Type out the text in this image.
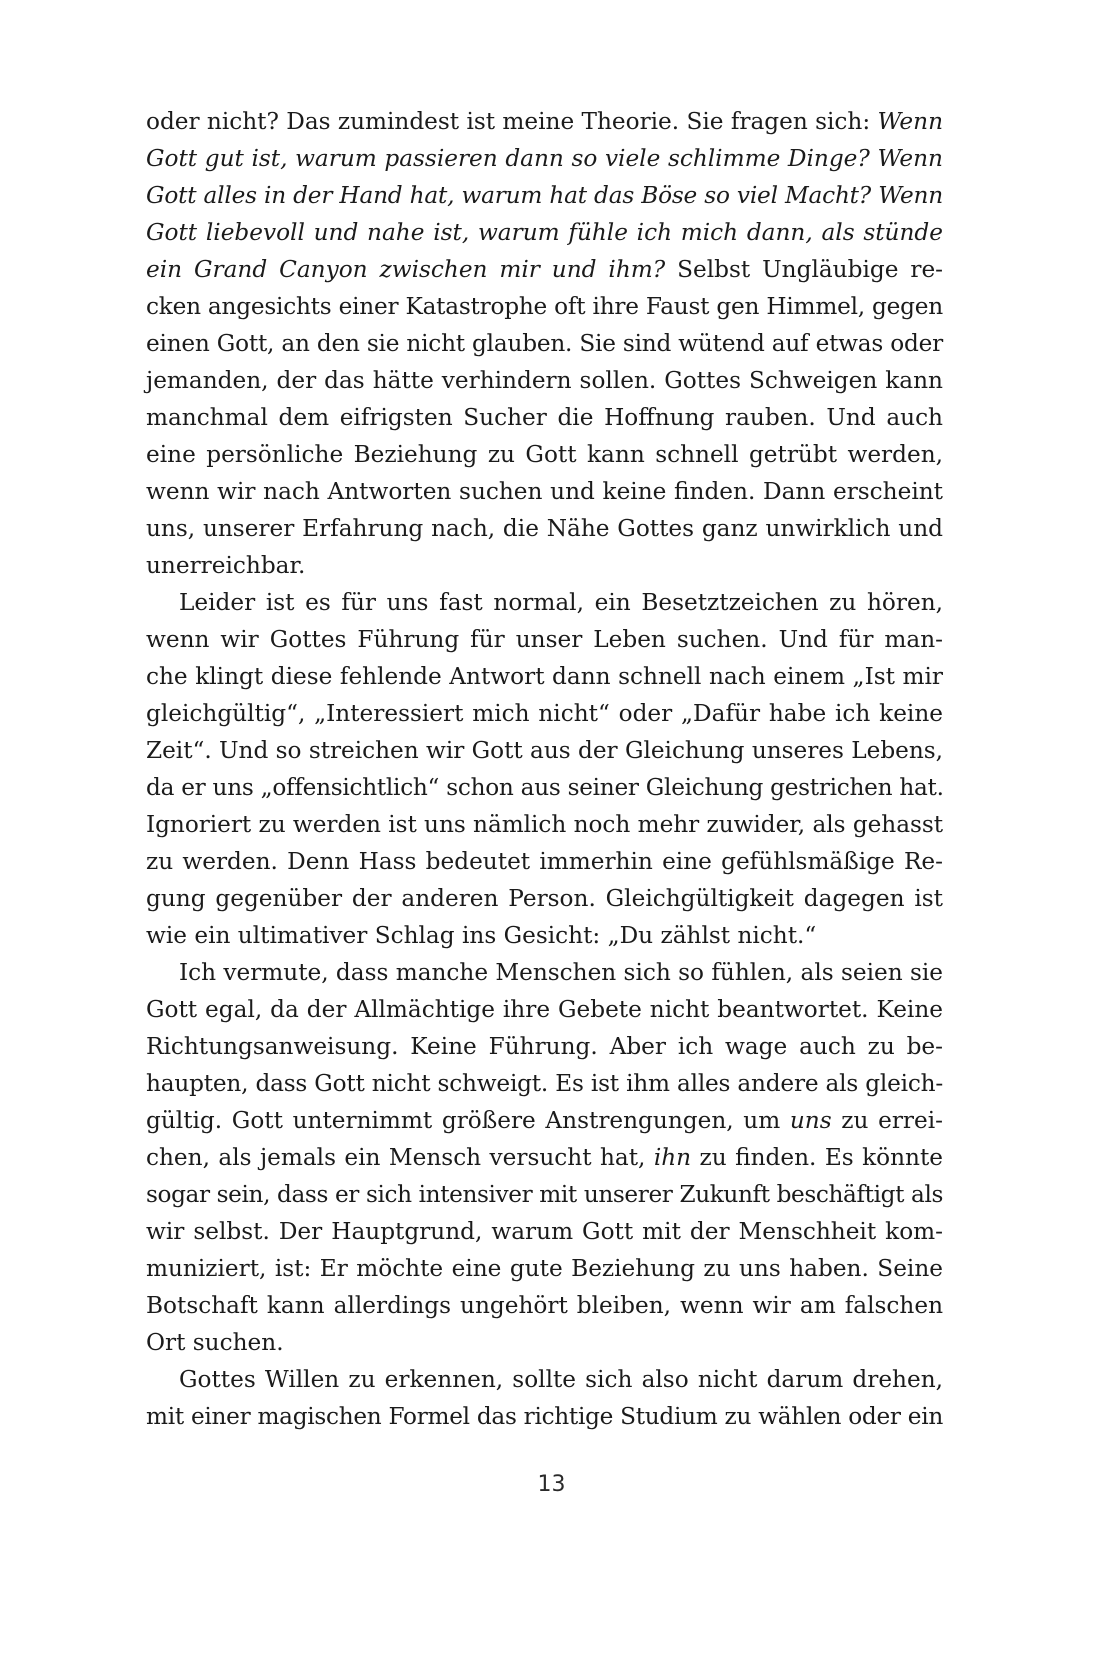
oder nicht? Das zumindest ist meine Theorie. Sie fragen sich: Wenn
Gott gut ist, warum passieren dann so viele schlimme Dinge? Wenn
Gott alles in der Hand hat, warum hat das Böse so viel Macht? Wenn
Gott liebevoll und nahe ist, warum fühle ich mich dann, als stünde
ein Grand Canyon zwischen mir und ihm? Selbst Ungläubige re-
cken angesichts einer Katastrophe oft ihre Faust gen Himmel, gegen
einen Gott, an den sie nicht glauben. Sie sind wütend auf etwas oder
jemanden, der das hätte verhindern sollen. Gottes Schweigen kann
manchmal dem eifrigsten Sucher die Hoffnung rauben. Und auch
eine persönliche Beziehung zu Gott kann schnell getrübt werden,
wenn wir nach Antworten suchen und keine finden. Dann erscheint
uns, unserer Erfahrung nach, die Nähe Gottes ganz unwirklich und
unerreichbar.
Leider ist es für uns fast normal, ein Besetztzeichen zu hören,
wenn wir Gottes Führung für unser Leben suchen. Und für man-
che klingt diese fehlende Antwort dann schnell nach einem „Ist mir
gleichgültig“, „Interessiert mich nicht“ oder „Dafür habe ich keine
Zeit“. Und so streichen wir Gott aus der Gleichung unseres Lebens,
da er uns „offensichtlich“ schon aus seiner Gleichung gestrichen hat.
Ignoriert zu werden ist uns nämlich noch mehr zuwider, als gehasst
zu werden. Denn Hass bedeutet immerhin eine gefühlsmäßige Re-
gung gegenüber der anderen Person. Gleichgültigkeit dagegen ist
wie ein ultimativer Schlag ins Gesicht: „Du zählst nicht.“
Ich vermute, dass manche Menschen sich so fühlen, als seien sie
Gott egal, da der Allmächtige ihre Gebete nicht beantwortet. Keine
Richtungsanweisung. Keine Führung. Aber ich wage auch zu be-
haupten, dass Gott nicht schweigt. Es ist ihm alles andere als gleich-
gültig. Gott unternimmt größere Anstrengungen, um uns zu errei-
chen, als jemals ein Mensch versucht hat, ihn zu finden. Es könnte
sogar sein, dass er sich intensiver mit unserer Zukunft beschäftigt als
wir selbst. Der Hauptgrund, warum Gott mit der Menschheit kom-
muniziert, ist: Er möchte eine gute Beziehung zu uns haben. Seine
Botschaft kann allerdings ungehört bleiben, wenn wir am falschen
Ort suchen.
Gottes Willen zu erkennen, sollte sich also nicht darum drehen,
mit einer magischen Formel das richtige Studium zu wählen oder ein
13
